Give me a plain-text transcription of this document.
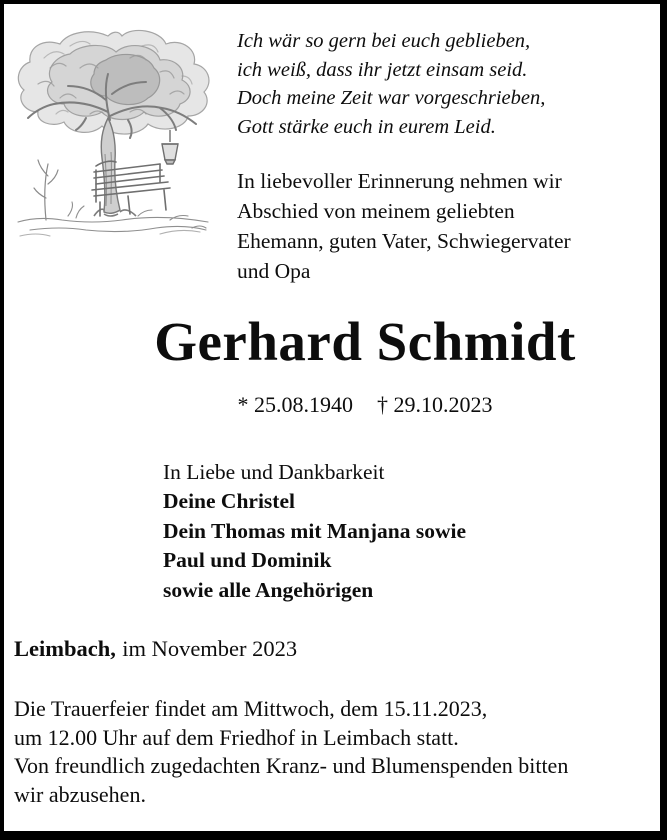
Ich wär so gern bei euch geblieben,
ich weiß, dass ihr jetzt einsam seid.
Doch meine Zeit war vorgeschrieben,
Gott stärke euch in eurem Leid.
In liebevoller Erinnerung nehmen wir
Abschied von meinem geliebten
Ehemann, guten Vater, Schwiegervater
und Opa
Gerhard Schmidt
* 25.08.1940 † 29.10.2023
In Liebe und Dankbarkeit
Deine Christel
Dein Thomas mit Manjana sowie
Paul und Dominik
sowie alle Angehörigen
Leimbach, im November 2023
Die Trauerfeier findet am Mittwoch, dem 15.11.2023,
um 12.00 Uhr auf dem Friedhof in Leimbach statt.
Von freundlich zugedachten Kranz- und Blumenspenden bitten
wir abzusehen.
